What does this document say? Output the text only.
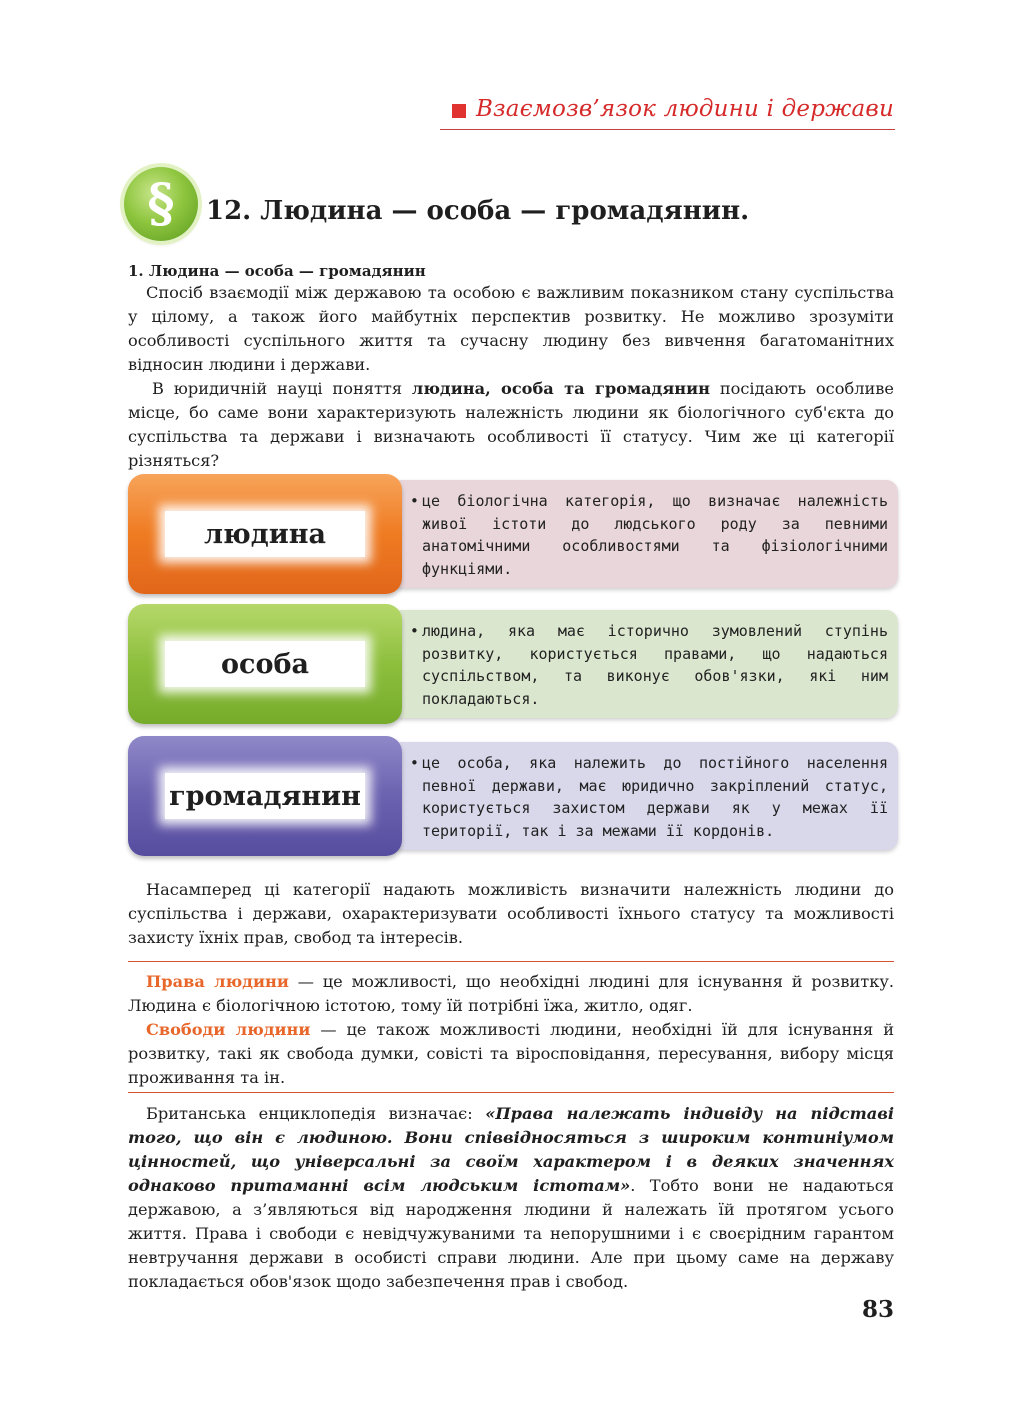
Взаємозв’язок людини і держави
§ 12. Людина — особа — громадянин.
1. Людина — особа — громадянин

Спосіб взаємодії між державою та особою є важливим показником стану суспільства у цілому, а також його майбутніх перспектив розвитку. Не можливо зрозуміти особливості суспільного життя та сучасну людину без вивчення багатоманітних відносин людини і держави.

В юридичній науці поняття людина, особа та громадянин посідають особливе місце, бо саме вони характеризують належність людини як біологічного суб'єкта до суспільства та держави і визначають особливості її статусу. Чим же ці категорії різняться?

людина
• це біологічна категорія, що визначає належність живої істоти до людського роду за певними анатомічними особливостями та фізіологічними функціями.
особа
• людина, яка має історично зумовлений ступінь розвитку, користується правами, що надаються суспільством, та виконує обов'язки, які ним покладаються.
громадянин
• це особа, яка належить до постійного населення певної держави, має юридично закріплений статус, користується захистом держави як у межах її території, так і за межами її кордонів.

Насамперед ці категорії надають можливість визначити належність людини до суспільства і держави, охарактеризувати особливості їхнього статусу та можливості захисту їхніх прав, свобод та інтересів.

Права людини — це можливості, що необхідні людині для існування й розвитку. Людина є біологічною істотою, тому їй потрібні їжа, житло, одяг.

Свободи людини — це також можливості людини, необхідні їй для існування й розвитку, такі як свобода думки, совісті та віросповідання, пересування, вибору місця проживання та ін.

Британська енциклопедія визначає: «Права належать індивіду на підставі того, що він є людиною. Вони співвідносяться з широким континіумом цінностей, що універсальні за своїм характером і в деяких значеннях однаково притаманні всім людським істотам». Тобто вони не надаються державою, а з’являються від народження людини й належать їй протягом усього життя. Права і свободи є невідчужуваними та непорушними і є своєрідним гарантом невтручання держави в особисті справи людини. Але при цьому саме на державу покладається обов'язок щодо забезпечення прав і свобод.

83
